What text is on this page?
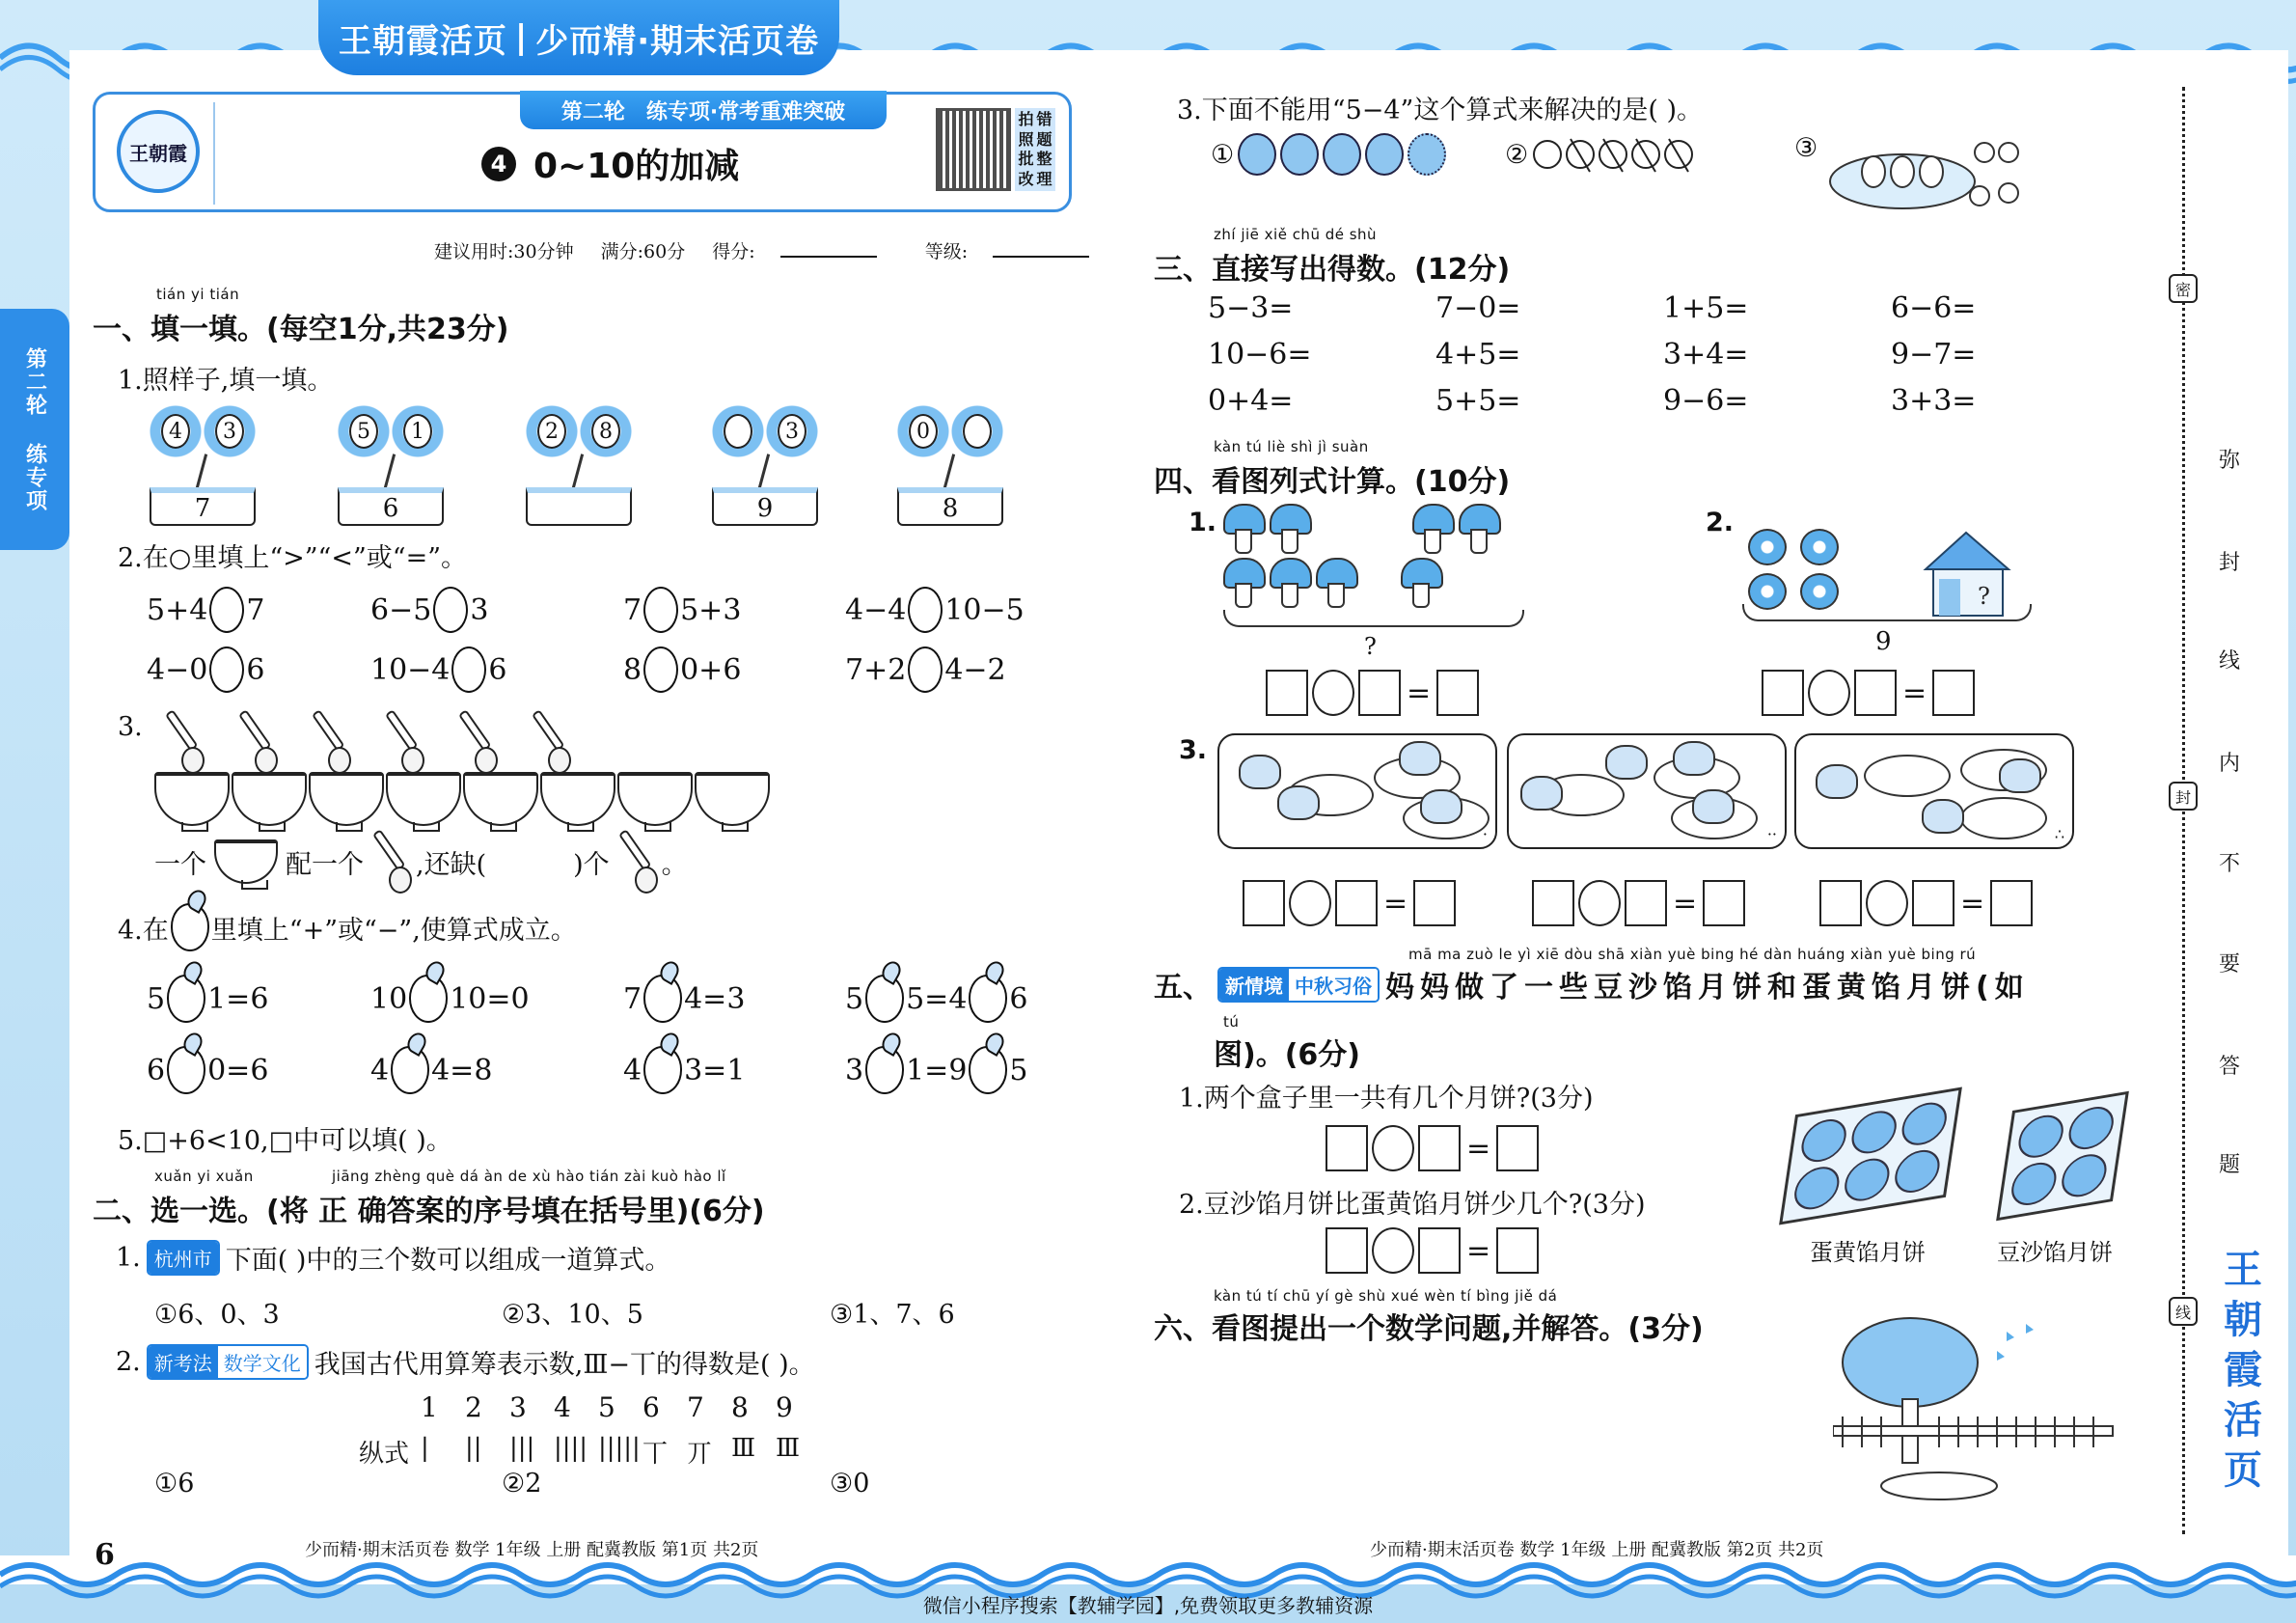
王朝霞活页 | 少而精·期末活页卷
王朝霞
第二轮 练专项·常考重难突破
4 0~10的加减
拍 错
照 题
批 整
改 理
建议用时:30分钟 满分:60分 得分:	等级:
第二轮 练专项
tián yi tián
一、填一填。(每空1分,共23分)
1.照样子,填一填。
4	3
7
5	1
6
2	8	3
9
0
8
2.在○里填上“>”“<”或“=”。
5+4 7	6−5 3	7 5+3	4−4 10−5
4−0 6	10−4 6	8 0+6	7+2 4−2
3.
一个	配一个 ,还缺(	)个 。
4.在 里填上“+”或“−”,使算式成立。
5 1=6	10 10=0	7 4=3	5 5=4 6
6 0=6	4 4=8	4 3=1	3 1=9 5
5.□+6<10,□中可以填( )。
xuǎn yi xuǎn	jiāng zhèng què dá àn de xù hào tián zài kuò hào lǐ
二、选一选。(将 正 确答案的序号填在括号里)(6分)
1. 杭州市 下面( )中的三个数可以组成一道算式。
①6、0、3	②3、10、5	③1、7、6
2. 新考法 数学文化 我国古代用算筹表示数,Ⅲ−丅的得数是( )。
1	2	3	4	5	6	7	8	9
纵式 |	||	||| |||| ||||| 丅 丌 Ⅲ Ⅲ
①6	②2	③0
3.下面不能用“5−4”这个算式来解决的是( )。
①	②	③
zhí jiē xiě chū dé shù
三、直接写出得数。(12分)
5−3=	7−0=	1+5=	6−6=
10−6=	4+5=	3+4=	9−7=
0+4=	5+5=	9−6=	3+3=
kàn tú liè shì jì suàn
四、看图列式计算。(10分)
1.
?
=
2.
?
9
=
3.
·	··	∴
=	=	=
mā ma zuò le yì xiē dòu shā xiàn yuè bing hé dàn huáng xiàn yuè bing rú
五、 新情境 中秋习俗 妈妈做了一些豆沙馅月饼和蛋黄馅月饼(如
tú
图)。(6分)
1.两个盒子里一共有几个月饼?(3分)
=
2.豆沙馅月饼比蛋黄馅月饼少几个?(3分)
=	蛋黄馅月饼	豆沙馅月饼
kàn tú tí chū yí gè shù xué wèn tí bìng jiě dá
六、看图提出一个数学问题,并解答。(3分)
密
封
线
弥
封
线
内
不
要
答
题
王
朝
霞
活
页
6	少而精·期末活页卷 数学 1年级 上册 配冀教版 第1页 共2页	少而精·期末活页卷 数学 1年级 上册 配冀教版 第2页 共2页
微信小程序搜索【教辅学园】,免费领取更多教辅资源
